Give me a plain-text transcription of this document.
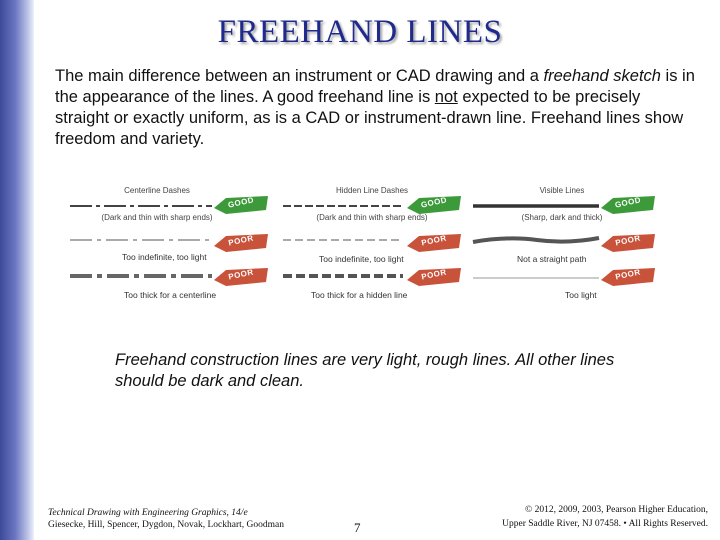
FREEHAND LINES
The main difference between an instrument or CAD drawing and a freehand sketch is in the appearance of the lines. A good freehand line is not expected to be precisely straight or exactly uniform, as is a CAD or instrument-drawn line. Freehand lines show freedom and variety.
Centerline Dashes
(Dark and thin with sharp ends)
Too indefinite, too light
Too thick for a centerline
GOOD
POOR
POOR
Hidden Line Dashes
(Dark and thin with sharp ends)
Too indefinite, too light
Too thick for a hidden line
GOOD
POOR
POOR
Visible Lines
(Sharp, dark and thick)
Not a straight path
Too light
GOOD
POOR
POOR
Freehand construction lines are very light, rough lines. All other lines should be dark and clean.
Technical Drawing with Engineering Graphics, 14/e
Giesecke, Hill, Spencer, Dygdon, Novak, Lockhart, Goodman	7
© 2012, 2009, 2003, Pearson Higher Education,
Upper Saddle River, NJ 07458. • All Rights Reserved.
